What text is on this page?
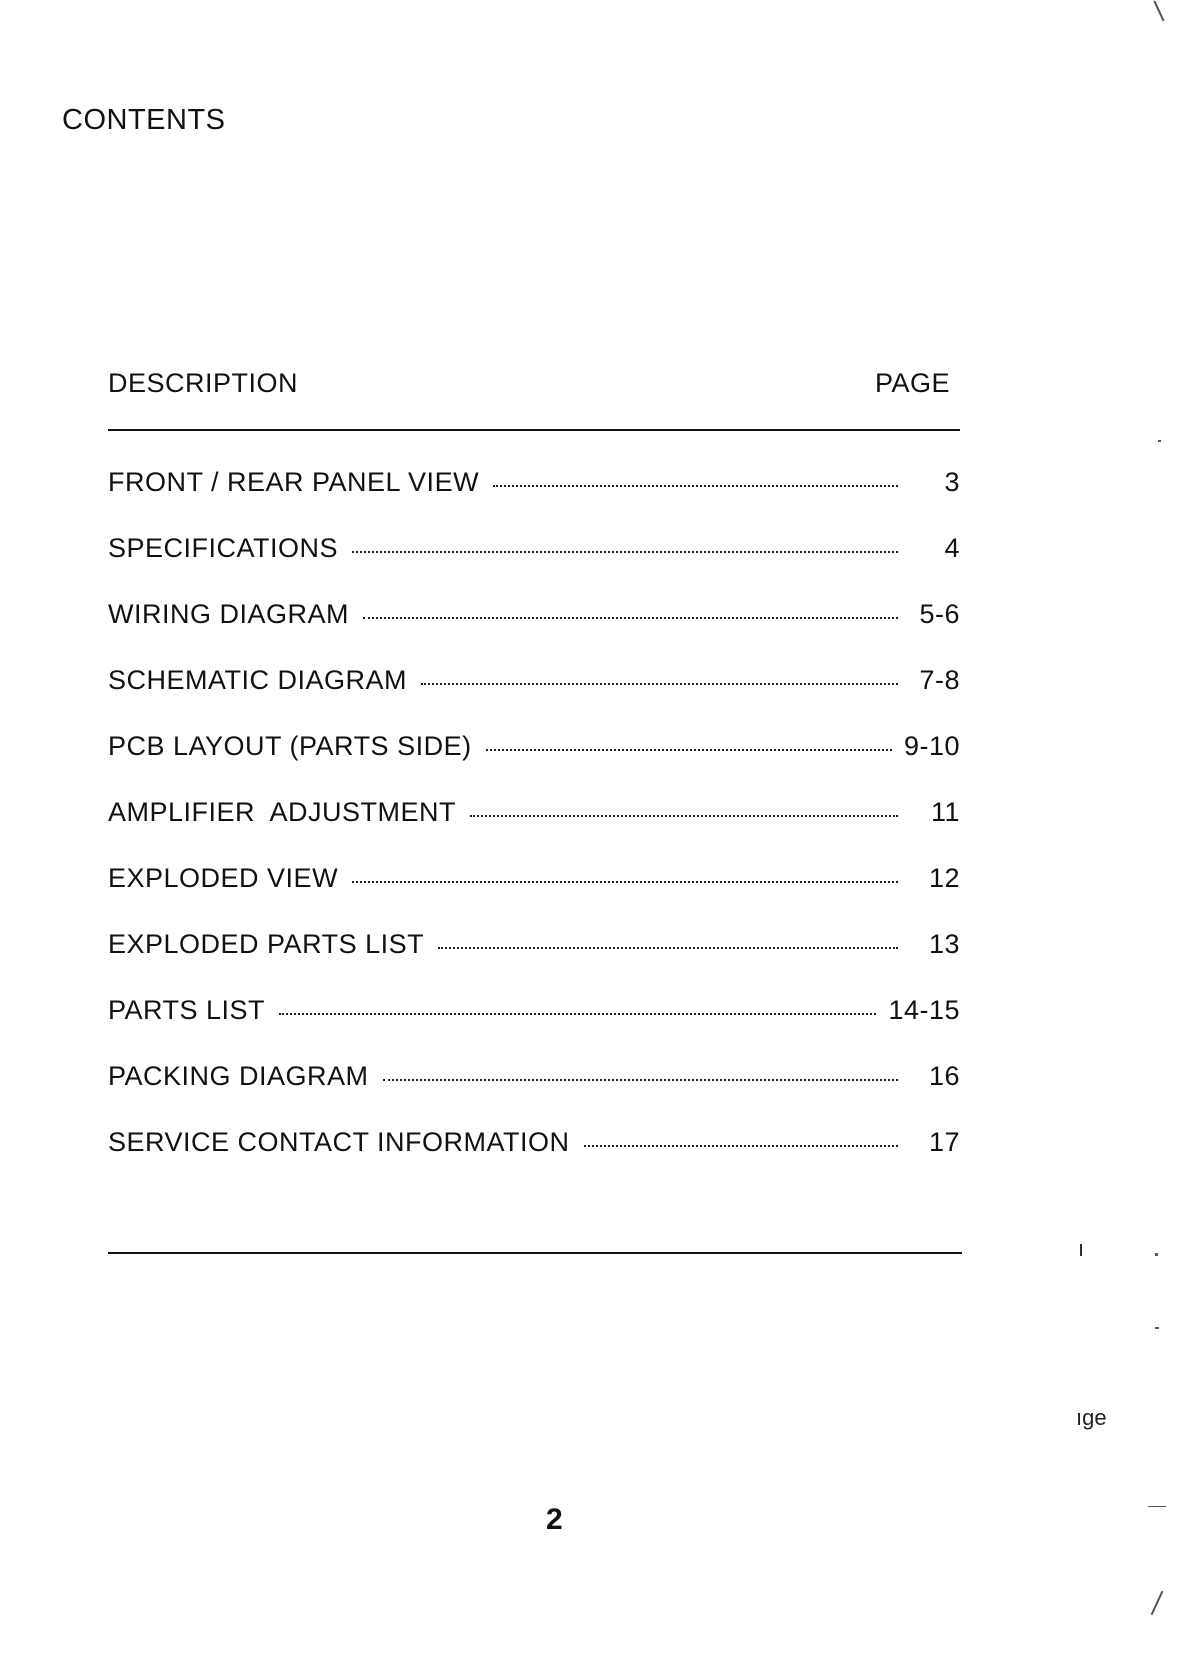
CONTENTS
DESCRIPTION	PAGE
FRONT / REAR PANEL VIEW	3
SPECIFICATIONS	4
WIRING DIAGRAM	5-6
SCHEMATIC DIAGRAM	7-8
PCB LAYOUT (PARTS SIDE)	9-10
AMPLIFIER  ADJUSTMENT	11
EXPLODED VIEW	12
EXPLODED PARTS LIST	13
PARTS LIST	14-15
PACKING DIAGRAM	16
SERVICE CONTACT INFORMATION	17
ı
ıge
2
